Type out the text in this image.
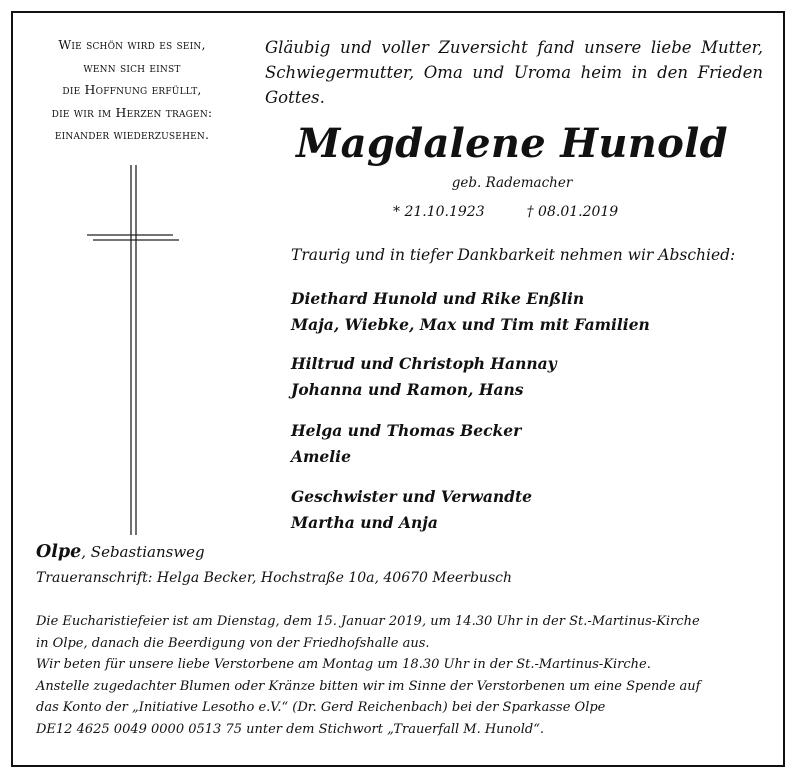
Wie schön wird es sein,
wenn sich einst
die Hoffnung erfüllt,
die wir im Herzen tragen:
einander wiederzusehen.
Gläubig und voller Zuversicht fand unsere liebe Mutter, Schwiegermutter, Oma und Uroma heim in den Frieden Gottes.
Magdalene Hunold
geb. Rademacher
* 21.10.1923	† 08.01.2019
Traurig und in tiefer Dankbarkeit nehmen wir Abschied:
Diethard Hunold und Rike Enßlin
Maja, Wiebke, Max und Tim mit Familien
Hiltrud und Christoph Hannay
Johanna und Ramon, Hans
Helga und Thomas Becker
Amelie
Geschwister und Verwandte
Martha und Anja
Olpe, Sebastiansweg
Traueranschrift: Helga Becker, Hochstraße 10a, 40670 Meerbusch
Die Eucharistiefeier ist am Dienstag, dem 15. Januar 2019, um 14.30 Uhr in der St.-Martinus-Kirche
in Olpe, danach die Beerdigung von der Friedhofshalle aus.
Wir beten für unsere liebe Verstorbene am Montag um 18.30 Uhr in der St.-Martinus-Kirche.
Anstelle zugedachter Blumen oder Kränze bitten wir im Sinne der Verstorbenen um eine Spende auf
das Konto der „Initiative Lesotho e.V.“ (Dr. Gerd Reichenbach) bei der Sparkasse Olpe
DE12 4625 0049 0000 0513 75 unter dem Stichwort „Trauerfall M. Hunold“.
